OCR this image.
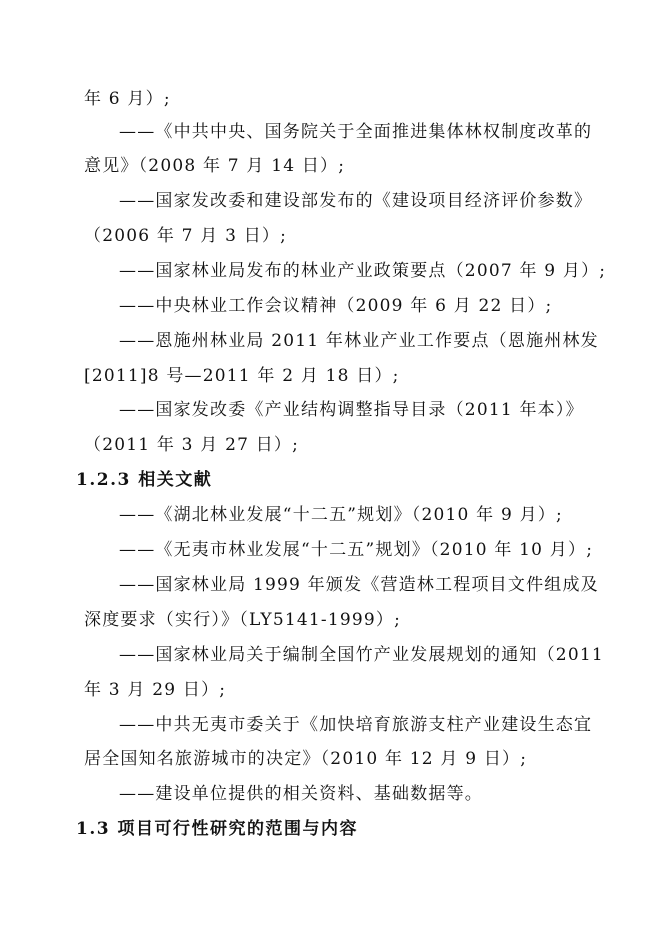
年 6 月）;
——《中共中央、国务院关于全面推进集体林权制度改革的
意见》（2008 年 7 月 14 日）;
——国家发改委和建设部发布的《建设项目经济评价参数》
（2006 年 7 月 3 日）;
——国家林业局发布的林业产业政策要点（2007 年 9 月）;
——中央林业工作会议精神（2009 年 6 月 22 日）;
——恩施州林业局 2011 年林业产业工作要点（恩施州林发
[2011]8 号—2011 年 2 月 18 日）;
——国家发改委《产业结构调整指导目录（2011 年本）》
（2011 年 3 月 27 日）;
1.2.3 相关文献
——《湖北林业发展“十二五”规划》（2010 年 9 月）;
——《无夷市林业发展“十二五”规划》（2010 年 10 月）;
——国家林业局 1999 年颁发《营造林工程项目文件组成及
深度要求（实行）》（LY5141-1999）;
——国家林业局关于编制全国竹产业发展规划的通知（2011
年 3 月 29 日）;
——中共无夷市委关于《加快培育旅游支柱产业建设生态宜
居全国知名旅游城市的决定》（2010 年 12 月 9 日）;
——建设单位提供的相关资料、基础数据等。
1.3 项目可行性研究的范围与内容
